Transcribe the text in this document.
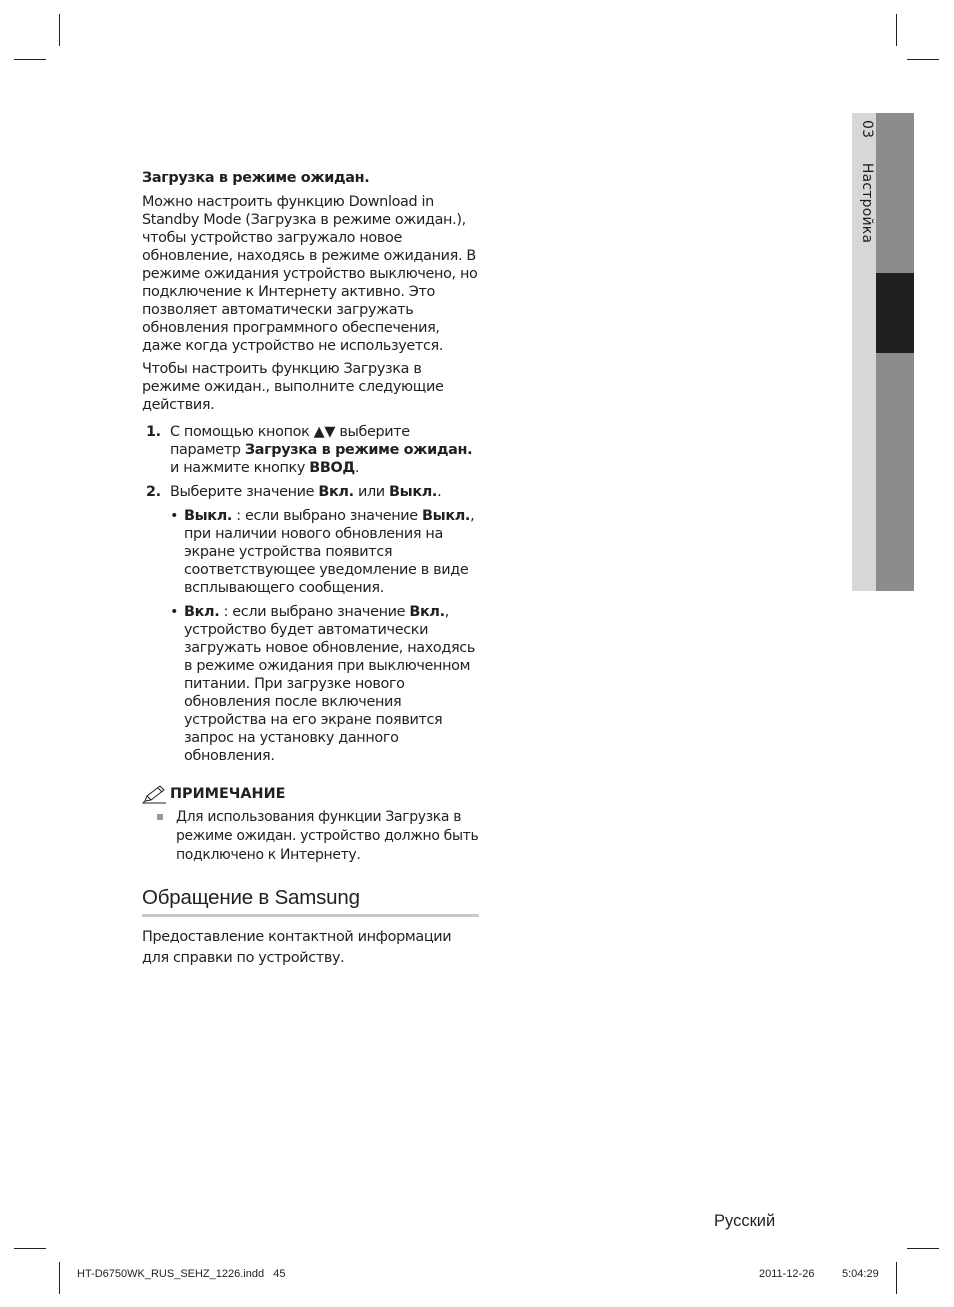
03 Настройка
Загрузка в режиме ожидан.
Можно настроить функцию Download in Standby Mode (Загрузка в режиме ожидан.), чтобы устройство загружало новое обновление, находясь в режиме ожидания. В режиме ожидания устройство выключено, но подключение к Интернету активно. Это позволяет автоматически загружать обновления программного обеспечения, даже когда устройство не используется.
Чтобы настроить функцию Загрузка в режиме ожидан., выполните следующие действия.
1. С помощью кнопок ▲▼ выберите параметр Загрузка в режиме ожидан. и нажмите кнопку ВВОД.
2. Выберите значение Вкл. или Выкл..
• Выкл. : если выбрано значение Выкл., при наличии нового обновления на экране устройства появится соответствующее уведомление в виде всплывающего сообщения.
• Вкл. : если выбрано значение Вкл., устройство будет автоматически загружать новое обновление, находясь в режиме ожидания при выключенном питании. При загрузке нового обновления после включения устройства на его экране появится запрос на установку данного обновления.
ПРИМЕЧАНИЕ
Для использования функции Загрузка в режиме ожидан. устройство должно быть подключено к Интернету.
Обращение в Samsung
Предоставление контактной информации для справки по устройству.
Русский
HT-D6750WK_RUS_SEHZ_1226.indd   45	2011-12-26	5:04:29
